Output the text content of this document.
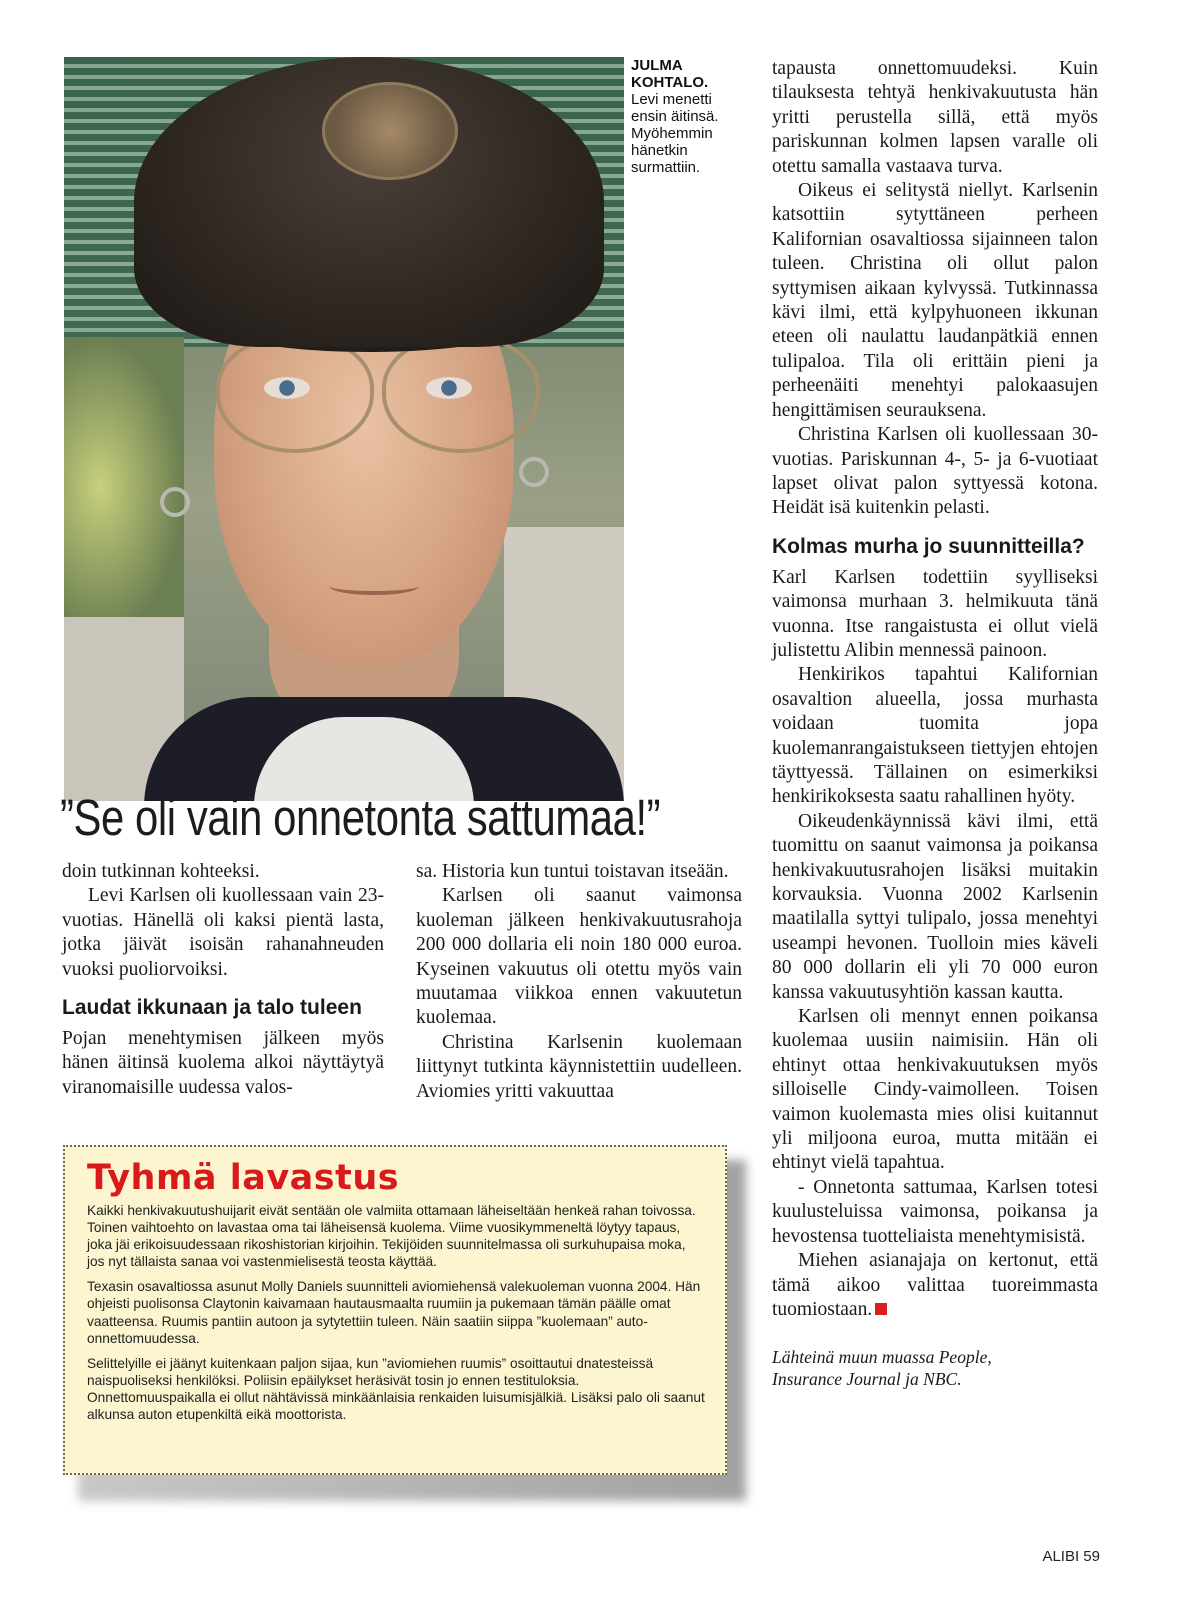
JULMA KOHTALO.
Levi menetti ensin äitinsä. Myöhemmin hänetkin surmattiin.
”Se oli vain onnetonta sattumaa!”

doin tutkinnan kohteeksi.

Levi Karlsen oli kuollessaan vain 23-vuotias. Hänellä oli kaksi pientä lasta, jotka jäivät isoisän rahanahneuden vuoksi puoliorvoiksi.

Laudat ikkunaan ja talo tuleen

Pojan menehtymisen jälkeen myös hänen äitinsä kuolema alkoi näyttäytyä viranomaisille uudessa valos-

sa. Historia kun tuntui toistavan itseään.

Karlsen oli saanut vaimonsa kuoleman jälkeen henkivakuutusrahoja 200 000 dollaria eli noin 180 000 euroa. Kyseinen vakuutus oli otettu myös vain muutamaa viikkoa ennen vakuutetun kuolemaa.

Christina Karlsenin kuolemaan liittynyt tutkinta käynnistettiin uudelleen. Aviomies yritti vakuuttaa

tapausta onnettomuudeksi. Kuin tilauksesta tehtyä henkivakuutusta hän yritti perustella sillä, että myös pariskunnan kolmen lapsen varalle oli otettu samalla vastaava turva.

Oikeus ei selitystä niellyt. Karlsenin katsottiin sytyttäneen perheen Kalifornian osavaltiossa sijainneen talon tuleen. Christina oli ollut palon syttymisen aikaan kylvyssä. Tutkinnassa kävi ilmi, että kylpyhuoneen ikkunan eteen oli naulattu laudanpätkiä ennen tulipaloa. Tila oli erittäin pieni ja perheenäiti menehtyi palokaasujen hengittämisen seurauksena.

Christina Karlsen oli kuollessaan 30-vuotias. Pariskunnan 4-, 5- ja 6-vuotiaat lapset olivat palon syttyessä kotona. Heidät isä kuitenkin pelasti.

Kolmas murha jo suunnitteilla?

Karl Karlsen todettiin syylliseksi vaimonsa murhaan 3. helmikuuta tänä vuonna. Itse rangaistusta ei ollut vielä julistettu Alibin mennessä painoon.

Henkirikos tapahtui Kalifornian osavaltion alueella, jossa murhasta voidaan tuomita jopa kuolemanrangaistukseen tiettyjen ehtojen täyttyessä. Tällainen on esimerkiksi henkirikoksesta saatu rahallinen hyöty.

Oikeudenkäynnissä kävi ilmi, että tuomittu on saanut vaimonsa ja poikansa henkivakuutusrahojen lisäksi muitakin korvauksia. Vuonna 2002 Karlsenin maatilalla syttyi tulipalo, jossa menehtyi useampi hevonen. Tuolloin mies käveli 80 000 dollarin eli yli 70 000 euron kanssa vakuutusyhtiön kassan kautta.

Karlsen oli mennyt ennen poikansa kuolemaa uusiin naimisiin. Hän oli ehtinyt ottaa henkivakuutuksen myös silloiselle Cindy-vaimolleen. Toisen vaimon kuolemasta mies olisi kuitannut yli miljoona euroa, mutta mitään ei ehtinyt vielä tapahtua.

- Onnetonta sattumaa, Karlsen totesi kuulusteluissa vaimonsa, poikansa ja hevostensa tuotteliaista menehtymisistä.

Miehen asianajaja on kertonut, että tämä aikoo valittaa tuoreimmasta tuomiostaan.

Lähteinä muun muassa People,
Insurance Journal ja NBC.
Tyhmä lavastus

Kaikki henkivakuutushuijarit eivät sentään ole valmiita ottamaan läheiseltään henkeä rahan toivossa. Toinen vaihtoehto on lavastaa oma tai läheisensä kuolema. Viime vuosikymmeneltä löytyy tapaus, joka jäi erikoisuudessaan rikoshistorian kirjoihin. Tekijöiden suunnitelmassa oli surkuhupaisa moka, jos nyt tällaista sanaa voi vastenmielisestä teosta käyttää.

Texasin osavaltiossa asunut Molly Daniels suunnitteli aviomiehensä valekuoleman vuonna 2004. Hän ohjeisti puolisonsa Claytonin kaivamaan hautausmaalta ruumiin ja pukemaan tämän päälle omat vaatteensa. Ruumis pantiin autoon ja sytytettiin tuleen. Näin saatiin siippa ”kuolemaan” auto-onnettomuudessa.

Selittelyille ei jäänyt kuitenkaan paljon sijaa, kun ”aviomiehen ruumis” osoittautui dnatesteissä naispuoliseksi henkilöksi. Poliisin epäilykset heräsivät tosin jo ennen testituloksia. Onnettomuuspaikalla ei ollut nähtävissä minkäänlaisia renkaiden luisumisjälkiä. Lisäksi palo oli saanut alkunsa auton etupenkiltä eikä moottorista.

ALIBI 59
